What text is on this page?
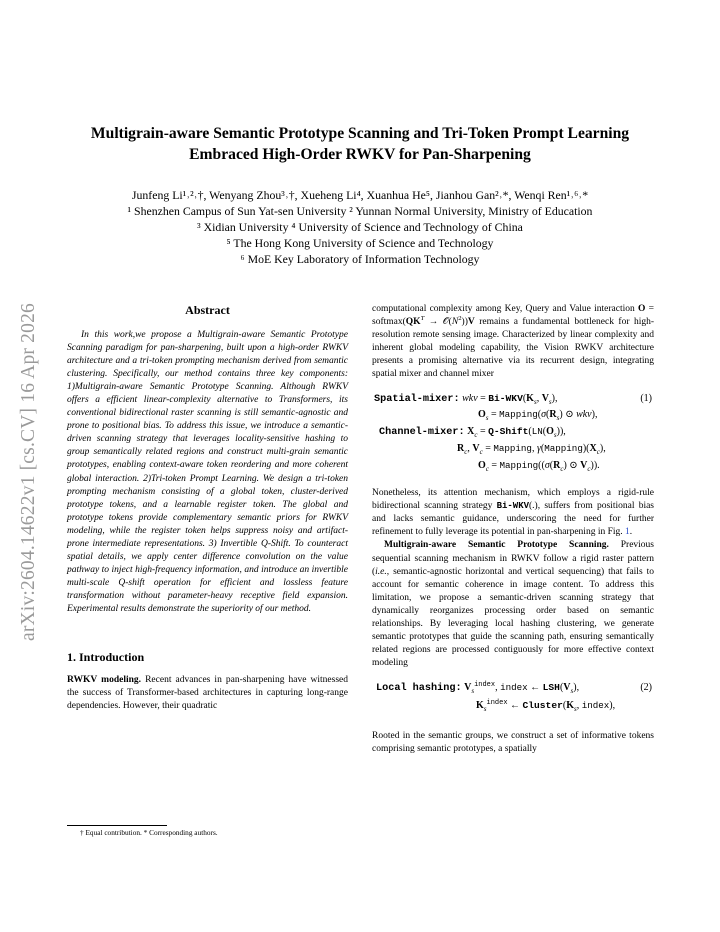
arXiv:2604.14622v1 [cs.CV] 16 Apr 2026
Multigrain-aware Semantic Prototype Scanning and Tri-Token Prompt Learning
Embraced High-Order RWKV for Pan-Sharpening
Junfeng Li¹˒²˒†, Wenyang Zhou³˒†, Xueheng Li⁴, Xuanhua He⁵, Jianhou Gan²˒*, Wenqi Ren¹˒⁶˒*
¹ Shenzhen Campus of Sun Yat-sen University ² Yunnan Normal University, Ministry of Education
³ Xidian University ⁴ University of Science and Technology of China
⁵ The Hong Kong University of Science and Technology
⁶ MoE Key Laboratory of Information Technology
Abstract

In this work,we propose a Multigrain-aware Semantic Prototype Scanning paradigm for pan-sharpening, built upon a high-order RWKV architecture and a tri-token prompting mechanism derived from semantic clustering. Specifically, our method contains three key components: 1)Multigrain-aware Semantic Prototype Scanning. Although RWKV offers a efficient linear-complexity alternative to Transformers, its conventional bidirectional raster scanning is still semantic-agnostic and prone to positional bias. To address this issue, we introduce a semantic-driven scanning strategy that leverages locality-sensitive hashing to group semantically related regions and construct multi-grain semantic prototypes, enabling context-aware token reordering and more coherent global interaction. 2)Tri-token Prompt Learning. We design a tri-token prompting mechanism consisting of a global token, cluster-derived prototype tokens, and a learnable register token. The global and prototype tokens provide complementary semantic priors for RWKV modeling, while the register token helps suppress noisy and artifact-prone intermediate representations. 3) Invertible Q-Shift. To counteract spatial details, we apply center difference convolution on the value pathway to inject high-frequency information, and introduce an invertible multi-scale Q-shift operation for efficient and lossless feature transformation without parameter-heavy receptive field expansion. Experimental results demonstrate the superiority of our method.

1. Introduction

RWKV modeling. Recent advances in pan-sharpening have witnessed the success of Transformer-based architectures in capturing long-range dependencies. However, their quadratic

† Equal contribution. * Corresponding authors.

computational complexity among Key, Query and Value interaction $O = softmax(QK^T$ → $𝒪(N^2))V$ remains a fundamental bottleneck for high-resolution remote sensing image. Characterized by linear complexity and inherent global modeling capability, the Vision RWKV architecture presents a promising alternative via its recurrent design, integrating spatial mixer and channel mixer

Spatial-mixer: wkv = $Bi-WKV(K_s$, $V_s$),	(1)
$O_s$ = $Mapping(\sigma(R_s)$ ⊙ wkv),
Channel-mixer: $X_c$ = $Q-Shift(LN(O_s))$,
$R_c$, $V_c$ = Mapping, $\gamma(Mapping)(X_c)$,
$O_c$ = $Mapping((\sigma(R_c)$ ⊙ $V_c$)).

Nonetheless, its attention mechanism, which employs a rigid-rule bidirectional scanning strategy Bi-WKV(.), suffers from positional bias and lacks semantic guidance, underscoring the need for further refinement to fully leverage its potential in pan-sharpening in Fig. 1.

Multigrain-aware Semantic Prototype Scanning. Previous sequential scanning mechanism in RWKV follow a rigid raster pattern (i.e., semantic-agnostic horizontal and vertical sequencing) that fails to account for semantic coherence in image content. To address this limitation, we propose a semantic-driven scanning strategy that dynamically reorganizes processing order based on semantic relationships. By leveraging local hashing clustering, we generate semantic prototypes that guide the scanning path, ensuring semantically related regions are processed contiguously for more effective context modeling

Local hashing: $V_s^{index}$, index ← $LSH(V_s)$,	(2)
$K_s^{index}$ ← $Cluster(K_s$, index),

Rooted in the semantic groups, we construct a set of informative tokens comprising semantic prototypes, a spatially
